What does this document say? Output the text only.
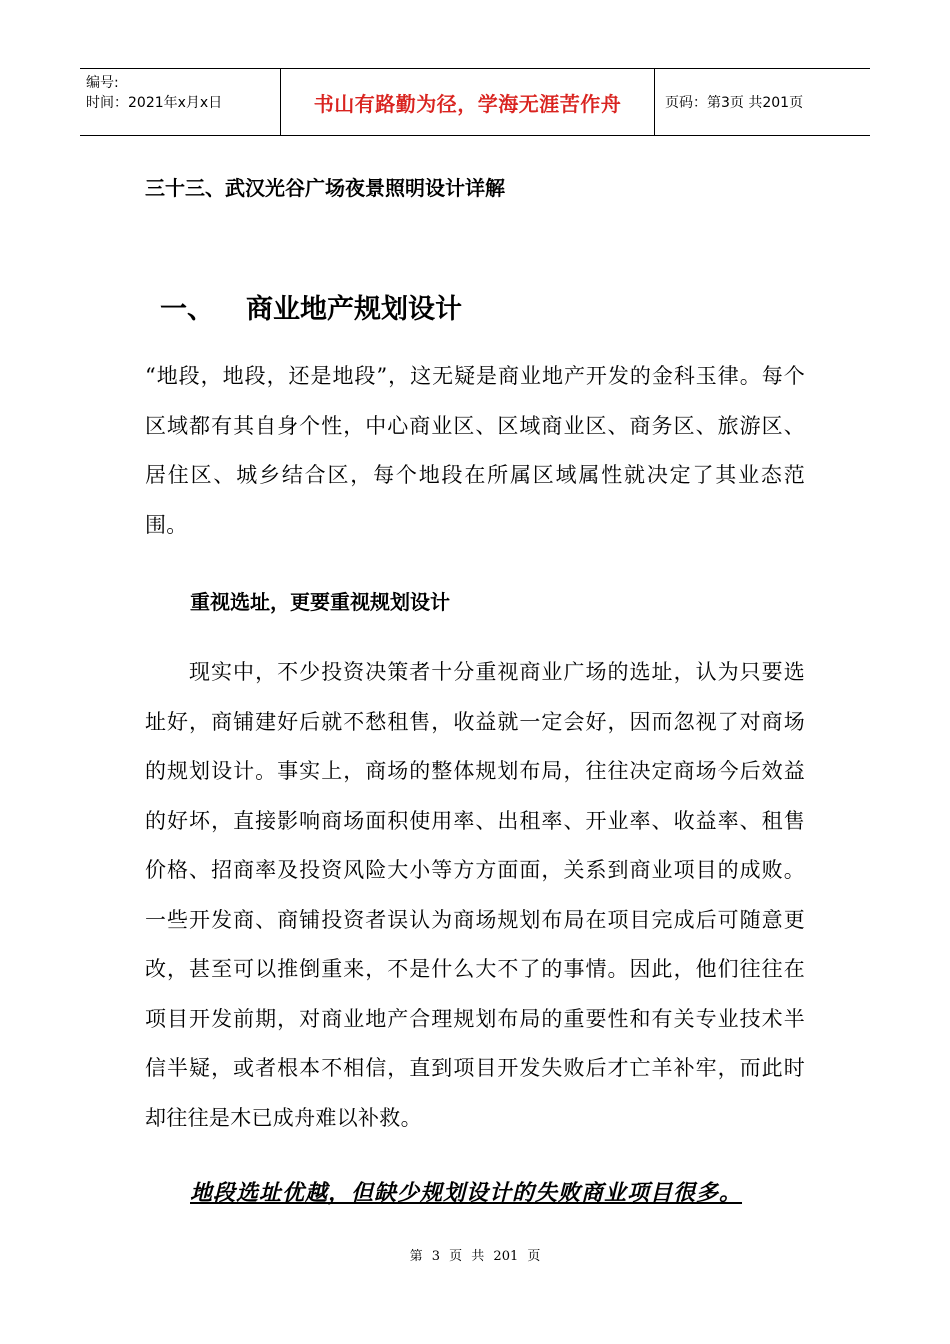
编号:
时间：2021年x月x日	书山有路勤为径，学海无涯苦作舟	页码：第3页 共201页
三十三、武汉光谷广场夜景照明设计详解
一、 商业地产规划设计
“地段，地段，还是地段”，这无疑是商业地产开发的金科玉律。每个区域都有其自身个性，中心商业区、区域商业区、商务区、旅游区、居住区、城乡结合区，每个地段在所属区域属性就决定了其业态范围。
重视选址，更要重视规划设计
现实中，不少投资决策者十分重视商业广场的选址，认为只要选址好，商铺建好后就不愁租售，收益就一定会好，因而忽视了对商场的规划设计。事实上，商场的整体规划布局，往往决定商场今后效益的好坏，直接影响商场面积使用率、出租率、开业率、收益率、租售价格、招商率及投资风险大小等方方面面，关系到商业项目的成败。一些开发商、商铺投资者误认为商场规划布局在项目完成后可随意更改，甚至可以推倒重来，不是什么大不了的事情。因此，他们往往在项目开发前期，对商业地产合理规划布局的重要性和有关专业技术半信半疑，或者根本不相信，直到项目开发失败后才亡羊补牢，而此时却往往是木已成舟难以补救。
地段选址优越，但缺少规划设计的失败商业项目很多。
第 3 页 共 201 页
